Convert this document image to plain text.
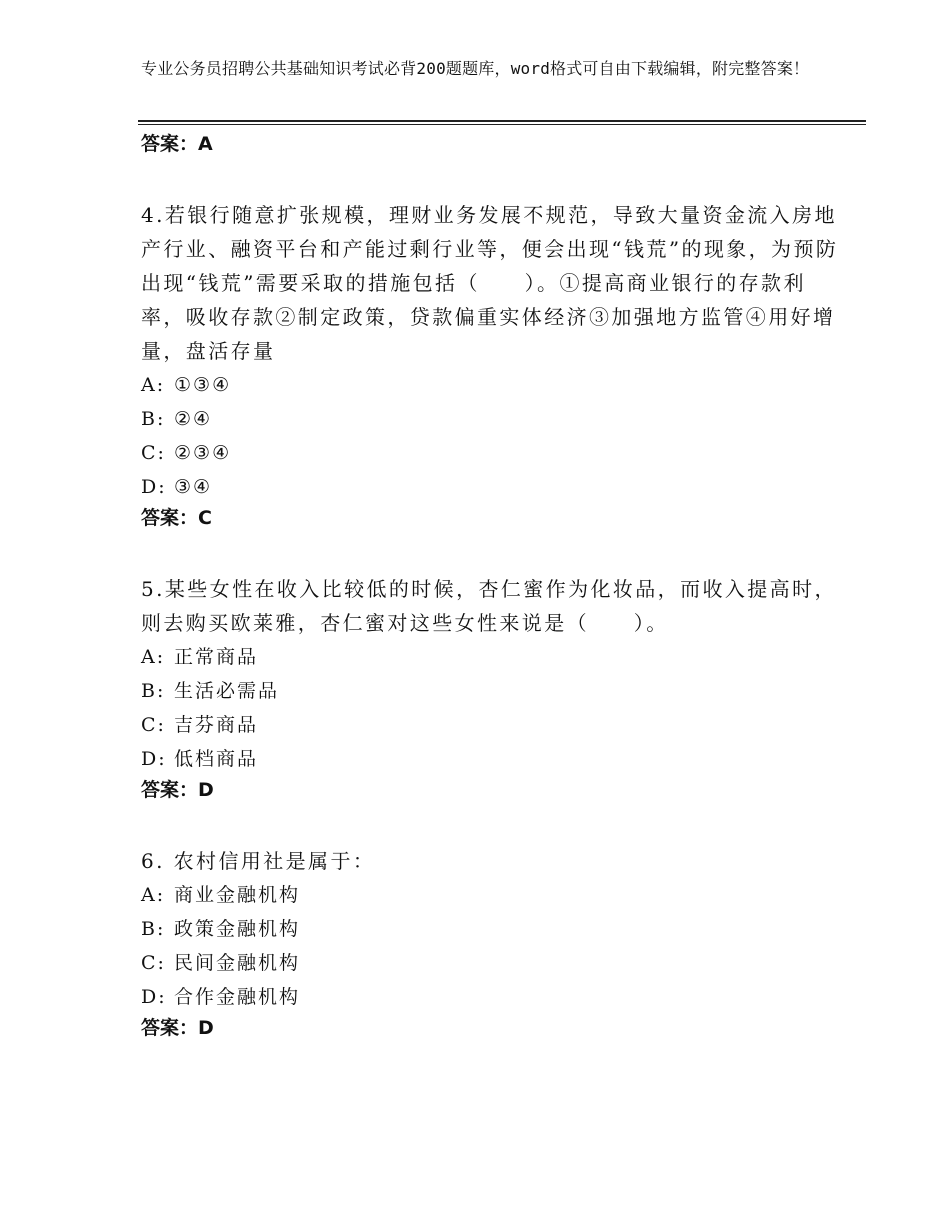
专业公务员招聘公共基础知识考试必背200题题库，word格式可自由下载编辑，附完整答案！

答案：A

4.若银行随意扩张规模，理财业务发展不规范，导致大量资金流入房地产行业、融资平台和产能过剩行业等，便会出现“钱荒”的现象，为预防出现“钱荒”需要采取的措施包括（　　）。①提高商业银行的存款利率，吸收存款②制定政策，贷款偏重实体经济③加强地方监管④用好增量，盘活存量

A: ①③④
B: ②④
C: ②③④
D: ③④

答案：C

5.某些女性在收入比较低的时候，杏仁蜜作为化妆品，而收入提高时，则去购买欧莱雅，杏仁蜜对这些女性来说是（　　）。

A: 正常商品
B: 生活必需品
C: 吉芬商品
D: 低档商品

答案：D

6. 农村信用社是属于：

A: 商业金融机构
B: 政策金融机构
C: 民间金融机构
D: 合作金融机构

答案：D
